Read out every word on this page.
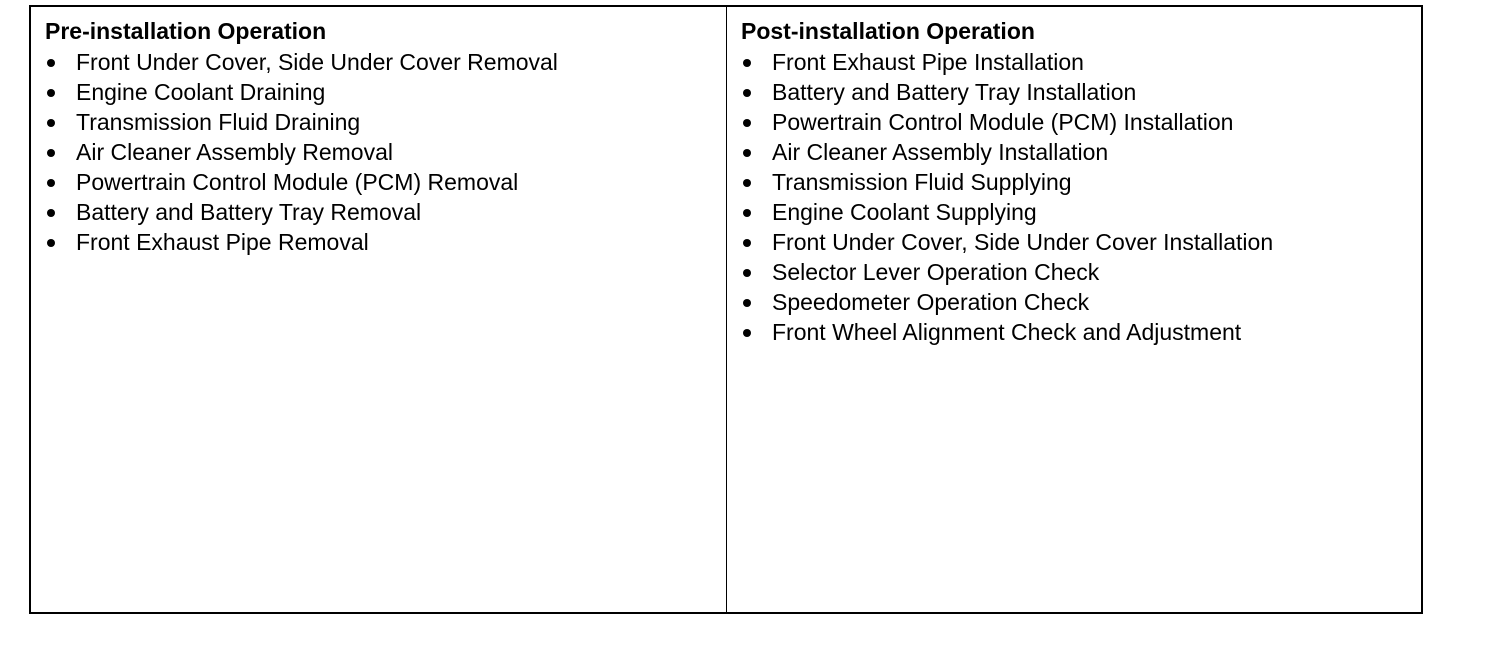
Pre-installation Operation
Front Under Cover, Side Under Cover Removal
Engine Coolant Draining
Transmission Fluid Draining
Air Cleaner Assembly Removal
Powertrain Control Module (PCM) Removal
Battery and Battery Tray Removal
Front Exhaust Pipe Removal
Post-installation Operation
Front Exhaust Pipe Installation
Battery and Battery Tray Installation
Powertrain Control Module (PCM) Installation
Air Cleaner Assembly Installation
Transmission Fluid Supplying
Engine Coolant Supplying
Front Under Cover, Side Under Cover Installation
Selector Lever Operation Check
Speedometer Operation Check
Front Wheel Alignment Check and Adjustment
